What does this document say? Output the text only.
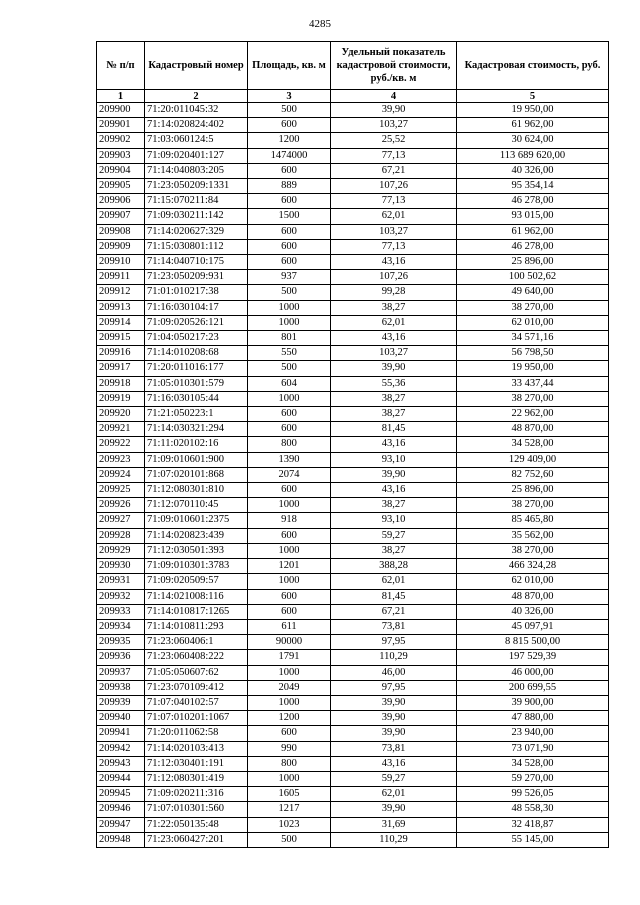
4285
№ п/п	Кадастровый номер	Площадь, кв. м	Удельный показатель кадастровой стоимости, руб./кв. м	Кадастровая стоимость, руб.
1	2	3	4	5
209900	71:20:011045:32	500	39,90	19 950,00
209901	71:14:020824:402	600	103,27	61 962,00
209902	71:03:060124:5	1200	25,52	30 624,00
209903	71:09:020401:127	1474000	77,13	113 689 620,00
209904	71:14:040803:205	600	67,21	40 326,00
209905	71:23:050209:1331	889	107,26	95 354,14
209906	71:15:070211:84	600	77,13	46 278,00
209907	71:09:030211:142	1500	62,01	93 015,00
209908	71:14:020627:329	600	103,27	61 962,00
209909	71:15:030801:112	600	77,13	46 278,00
209910	71:14:040710:175	600	43,16	25 896,00
209911	71:23:050209:931	937	107,26	100 502,62
209912	71:01:010217:38	500	99,28	49 640,00
209913	71:16:030104:17	1000	38,27	38 270,00
209914	71:09:020526:121	1000	62,01	62 010,00
209915	71:04:050217:23	801	43,16	34 571,16
209916	71:14:010208:68	550	103,27	56 798,50
209917	71:20:011016:177	500	39,90	19 950,00
209918	71:05:010301:579	604	55,36	33 437,44
209919	71:16:030105:44	1000	38,27	38 270,00
209920	71:21:050223:1	600	38,27	22 962,00
209921	71:14:030321:294	600	81,45	48 870,00
209922	71:11:020102:16	800	43,16	34 528,00
209923	71:09:010601:900	1390	93,10	129 409,00
209924	71:07:020101:868	2074	39,90	82 752,60
209925	71:12:080301:810	600	43,16	25 896,00
209926	71:12:070110:45	1000	38,27	38 270,00
209927	71:09:010601:2375	918	93,10	85 465,80
209928	71:14:020823:439	600	59,27	35 562,00
209929	71:12:030501:393	1000	38,27	38 270,00
209930	71:09:010301:3783	1201	388,28	466 324,28
209931	71:09:020509:57	1000	62,01	62 010,00
209932	71:14:021008:116	600	81,45	48 870,00
209933	71:14:010817:1265	600	67,21	40 326,00
209934	71:14:010811:293	611	73,81	45 097,91
209935	71:23:060406:1	90000	97,95	8 815 500,00
209936	71:23:060408:222	1791	110,29	197 529,39
209937	71:05:050607:62	1000	46,00	46 000,00
209938	71:23:070109:412	2049	97,95	200 699,55
209939	71:07:040102:57	1000	39,90	39 900,00
209940	71:07:010201:1067	1200	39,90	47 880,00
209941	71:20:011062:58	600	39,90	23 940,00
209942	71:14:020103:413	990	73,81	73 071,90
209943	71:12:030401:191	800	43,16	34 528,00
209944	71:12:080301:419	1000	59,27	59 270,00
209945	71:09:020211:316	1605	62,01	99 526,05
209946	71:07:010301:560	1217	39,90	48 558,30
209947	71:22:050135:48	1023	31,69	32 418,87
209948	71:23:060427:201	500	110,29	55 145,00
